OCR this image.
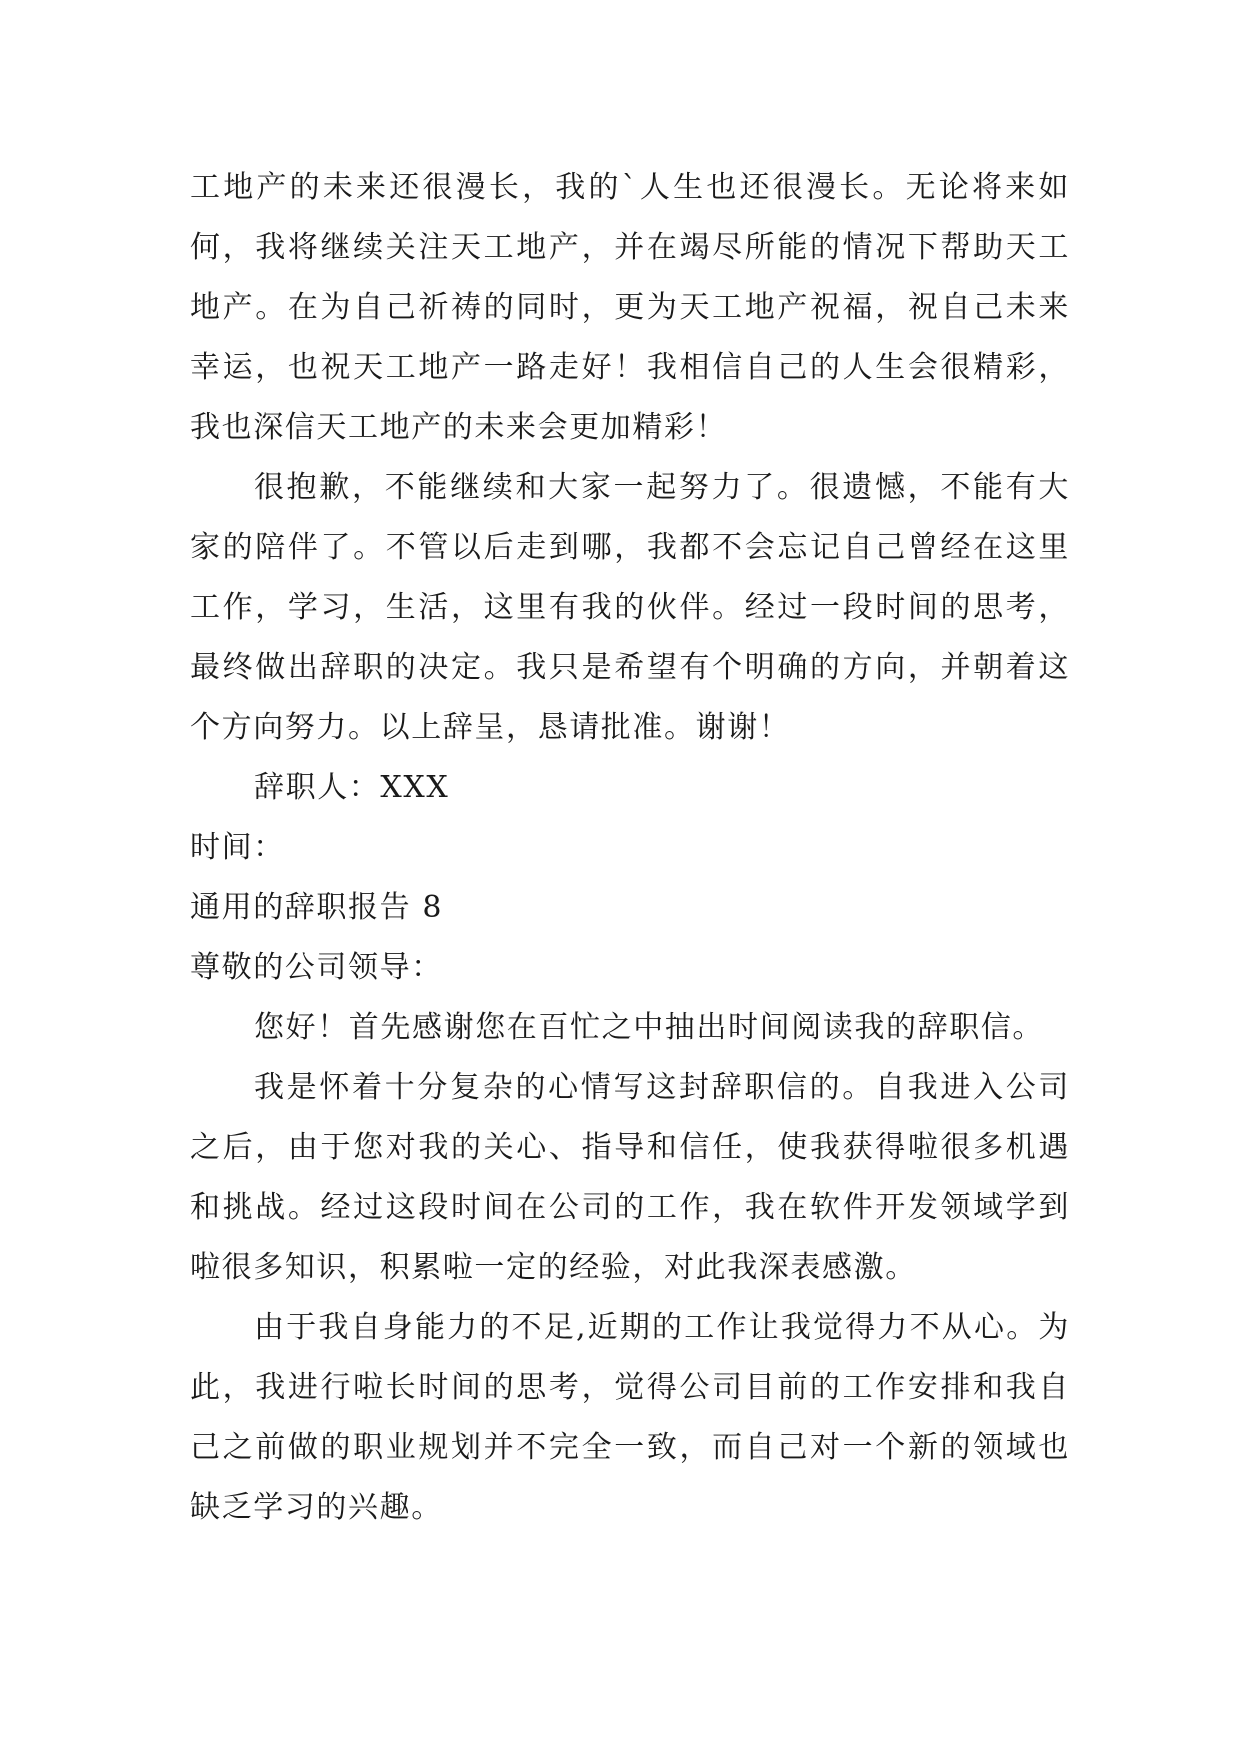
工地产的未来还很漫长，我的`人生也还很漫长。无论将来如何，我将继续关注天工地产，并在竭尽所能的情况下帮助天工地产。在为自己祈祷的同时，更为天工地产祝福，祝自己未来幸运，也祝天工地产一路走好！我相信自己的人生会很精彩，我也深信天工地产的未来会更加精彩！

很抱歉，不能继续和大家一起努力了。很遗憾，不能有大家的陪伴了。不管以后走到哪，我都不会忘记自己曾经在这里工作，学习，生活，这里有我的伙伴。经过一段时间的思考，最终做出辞职的决定。我只是希望有个明确的方向，并朝着这个方向努力。以上辞呈，恳请批准。谢谢！

辞职人：XXX

时间：

通用的辞职报告 8

尊敬的公司领导：

您好！首先感谢您在百忙之中抽出时间阅读我的辞职信。

我是怀着十分复杂的心情写这封辞职信的。自我进入公司之后，由于您对我的关心、指导和信任，使我获得啦很多机遇和挑战。经过这段时间在公司的工作，我在软件开发领域学到啦很多知识，积累啦一定的经验，对此我深表感激。

由于我自身能力的不足,近期的工作让我觉得力不从心。为此，我进行啦长时间的思考，觉得公司目前的工作安排和我自己之前做的职业规划并不完全一致，而自己对一个新的领域也缺乏学习的兴趣。
